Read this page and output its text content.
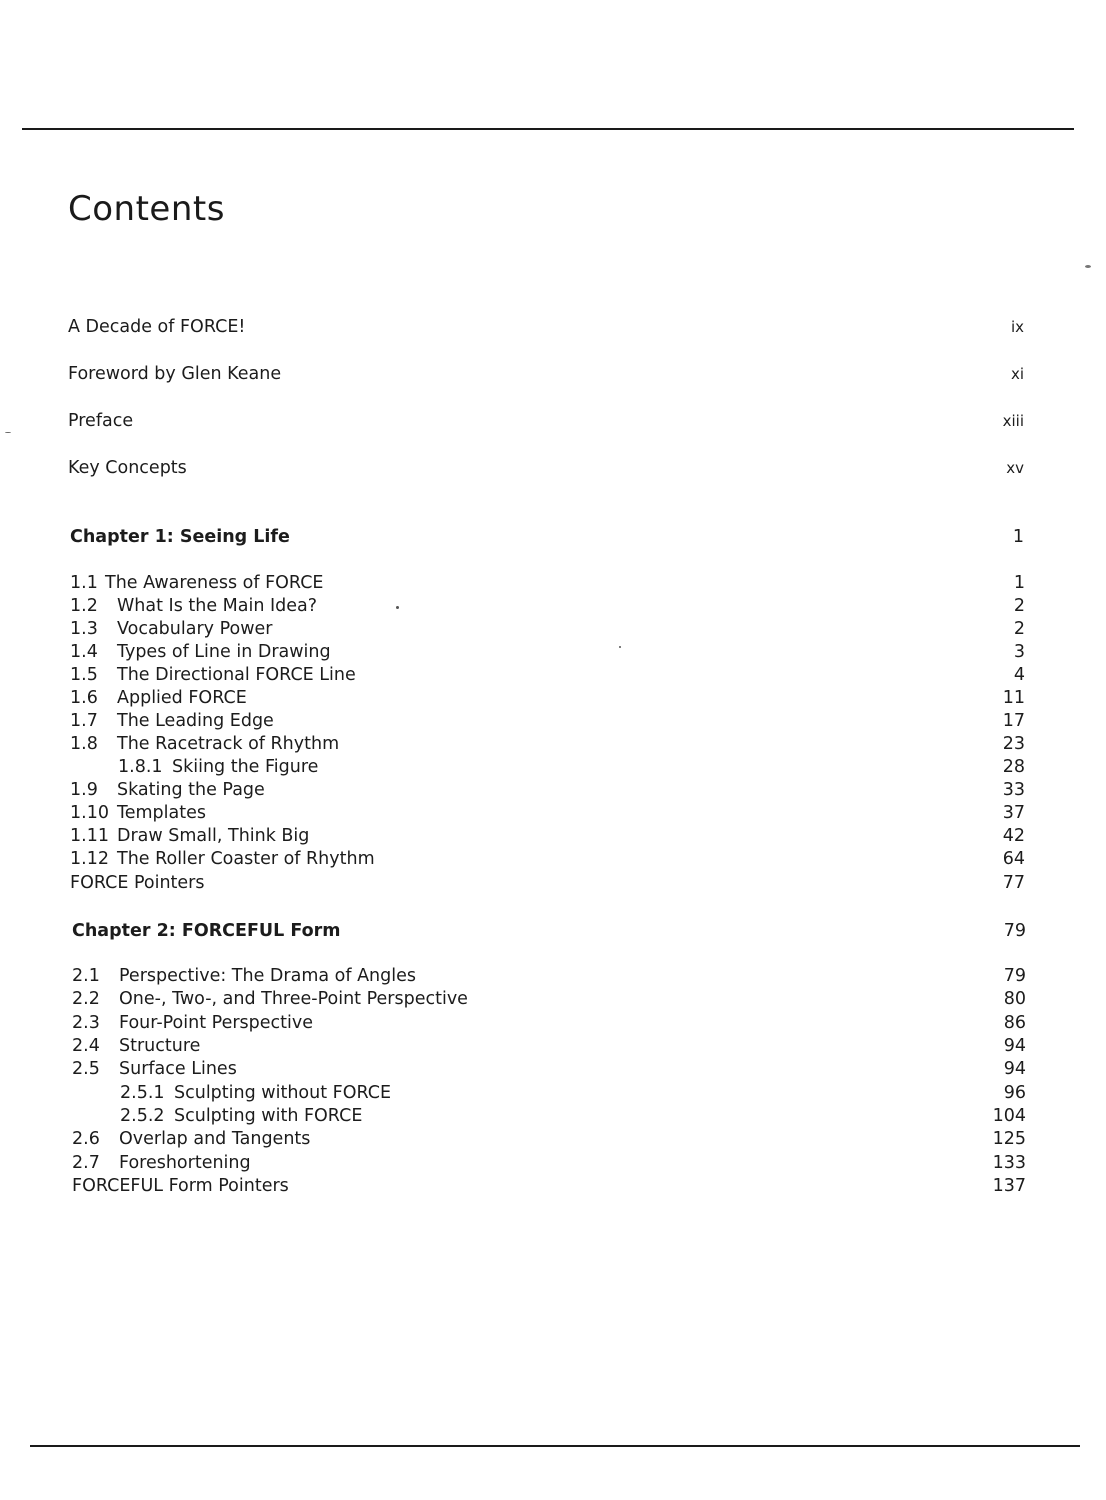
Contents
A Decade of FORCE!	ix
Foreword by Glen Keane	xi
Preface	xiii
Key Concepts	xv
Chapter 1: Seeing Life	1
1.1 The Awareness of FORCE	1
1.2 What Is the Main Idea?	2
1.3 Vocabulary Power	2
1.4 Types of Line in Drawing	3
1.5 The Directional FORCE Line	4
1.6 Applied FORCE	11
1.7 The Leading Edge	17
1.8 The Racetrack of Rhythm	23
1.8.1 Skiing the Figure	28
1.9 Skating the Page	33
1.10 Templates	37
1.11 Draw Small, Think Big	42
1.12 The Roller Coaster of Rhythm	64
FORCE Pointers	77
Chapter 2: FORCEFUL Form	79
2.1 Perspective: The Drama of Angles	79
2.2 One-, Two-, and Three-Point Perspective	80
2.3 Four-Point Perspective	86
2.4 Structure	94
2.5 Surface Lines	94
2.5.1 Sculpting without FORCE	96
2.5.2 Sculpting with FORCE	104
2.6 Overlap and Tangents	125
2.7 Foreshortening	133
FORCEFUL Form Pointers	137
